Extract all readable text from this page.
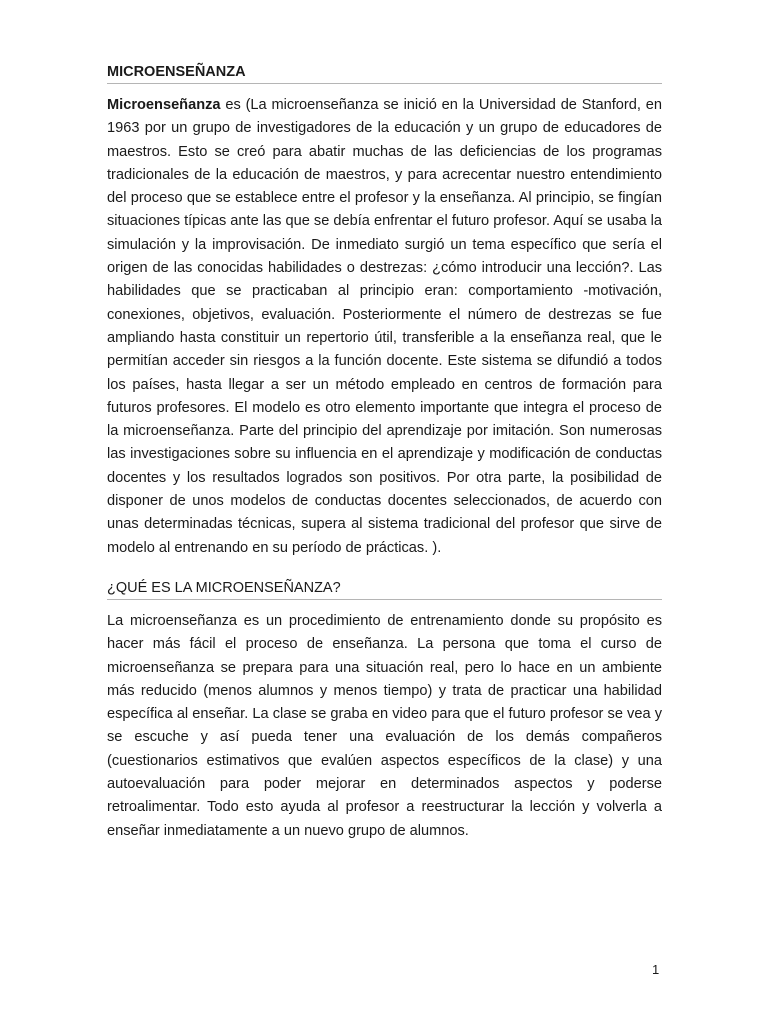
MICROENSEÑANZA

Microenseñanza es (La microenseñanza se inició en la Universidad de Stanford, en 1963 por un grupo de investigadores de la educación y un grupo de educadores de maestros. Esto se creó para abatir muchas de las deficiencias de los programas tradicionales de la educación de maestros, y para acrecentar nuestro entendimiento del proceso que se establece entre el profesor y la enseñanza. Al principio, se fingían situaciones típicas ante las que se debía enfrentar el futuro profesor. Aquí se usaba la simulación y la improvisación. De inmediato surgió un tema específico que sería el origen de las conocidas habilidades o destrezas: ¿cómo introducir una lección?. Las habilidades que se practicaban al principio eran: comportamiento -motivación, conexiones, objetivos, evaluación. Posteriormente el número de destrezas se fue ampliando hasta constituir un repertorio útil, transferible a la enseñanza real, que le permitían acceder sin riesgos a la función docente. Este sistema se difundió a todos los países, hasta llegar a ser un método empleado en centros de formación para futuros profesores. El modelo es otro elemento importante que integra el proceso de la microenseñanza. Parte del principio del aprendizaje por imitación. Son numerosas las investigaciones sobre su influencia en el aprendizaje y modificación de conductas docentes y los resultados logrados son positivos. Por otra parte, la posibilidad de disponer de unos modelos de conductas docentes seleccionados, de acuerdo con unas determinadas técnicas, supera al sistema tradicional del profesor que sirve de modelo al entrenando en su período de prácticas. ).

¿QUÉ ES LA MICROENSEÑANZA?

La microenseñanza es un procedimiento de entrenamiento donde su propósito es hacer más fácil el proceso de enseñanza. La persona que toma el curso de microenseñanza se prepara para una situación real, pero lo hace en un ambiente más reducido (menos alumnos y menos tiempo) y trata de practicar una habilidad específica al enseñar. La clase se graba en video para que el futuro profesor se vea y se escuche y así pueda tener una evaluación de los demás compañeros (cuestionarios estimativos que evalúen aspectos específicos de la clase) y una autoevaluación para poder mejorar en determinados aspectos y poderse retroalimentar. Todo esto ayuda al profesor a reestructurar la lección y volverla a enseñar inmediatamente a un nuevo grupo de alumnos.

1
